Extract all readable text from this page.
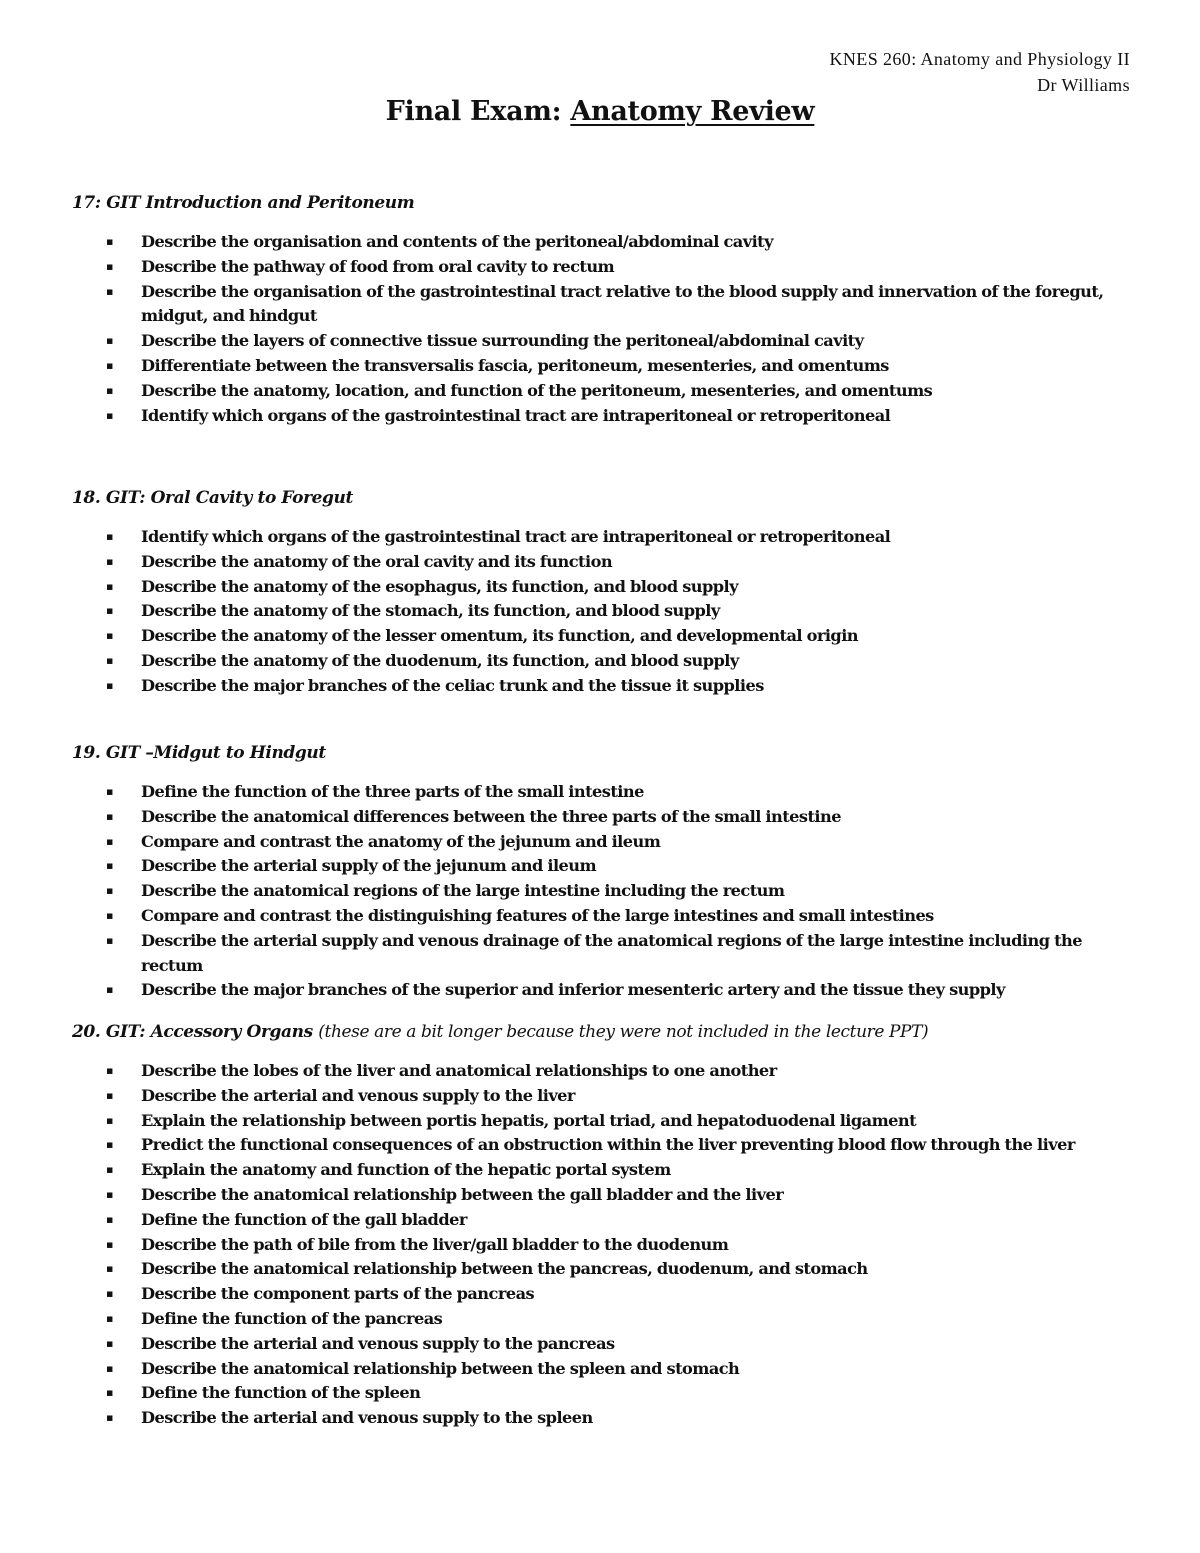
KNES 260: Anatomy and Physiology II
Dr Williams
Final Exam: Anatomy Review
17: GIT Introduction and Peritoneum
▪ Describe the organisation and contents of the peritoneal/abdominal cavity
▪ Describe the pathway of food from oral cavity to rectum
▪ Describe the organisation of the gastrointestinal tract relative to the blood supply and innervation of the foregut, midgut, and hindgut
▪ Describe the layers of connective tissue surrounding the peritoneal/abdominal cavity
▪ Differentiate between the transversalis fascia, peritoneum, mesenteries, and omentums
▪ Describe the anatomy, location, and function of the peritoneum, mesenteries, and omentums
▪ Identify which organs of the gastrointestinal tract are intraperitoneal or retroperitoneal
18. GIT: Oral Cavity to Foregut
▪ Identify which organs of the gastrointestinal tract are intraperitoneal or retroperitoneal
▪ Describe the anatomy of the oral cavity and its function
▪ Describe the anatomy of the esophagus, its function, and blood supply
▪ Describe the anatomy of the stomach, its function, and blood supply
▪ Describe the anatomy of the lesser omentum, its function, and developmental origin
▪ Describe the anatomy of the duodenum, its function, and blood supply
▪ Describe the major branches of the celiac trunk and the tissue it supplies
19. GIT –Midgut to Hindgut
▪ Define the function of the three parts of the small intestine
▪ Describe the anatomical differences between the three parts of the small intestine
▪ Compare and contrast the anatomy of the jejunum and ileum
▪ Describe the arterial supply of the jejunum and ileum
▪ Describe the anatomical regions of the large intestine including the rectum
▪ Compare and contrast the distinguishing features of the large intestines and small intestines
▪ Describe the arterial supply and venous drainage of the anatomical regions of the large intestine including the rectum
▪ Describe the major branches of the superior and inferior mesenteric artery and the tissue they supply
20. GIT: Accessory Organs (these are a bit longer because they were not included in the lecture PPT)
▪ Describe the lobes of the liver and anatomical relationships to one another
▪ Describe the arterial and venous supply to the liver
▪ Explain the relationship between portis hepatis, portal triad, and hepatoduodenal ligament
▪ Predict the functional consequences of an obstruction within the liver preventing blood flow through the liver
▪ Explain the anatomy and function of the hepatic portal system
▪ Describe the anatomical relationship between the gall bladder and the liver
▪ Define the function of the gall bladder
▪ Describe the path of bile from the liver/gall bladder to the duodenum
▪ Describe the anatomical relationship between the pancreas, duodenum, and stomach
▪ Describe the component parts of the pancreas
▪ Define the function of the pancreas
▪ Describe the arterial and venous supply to the pancreas
▪ Describe the anatomical relationship between the spleen and stomach
▪ Define the function of the spleen
▪ Describe the arterial and venous supply to the spleen
